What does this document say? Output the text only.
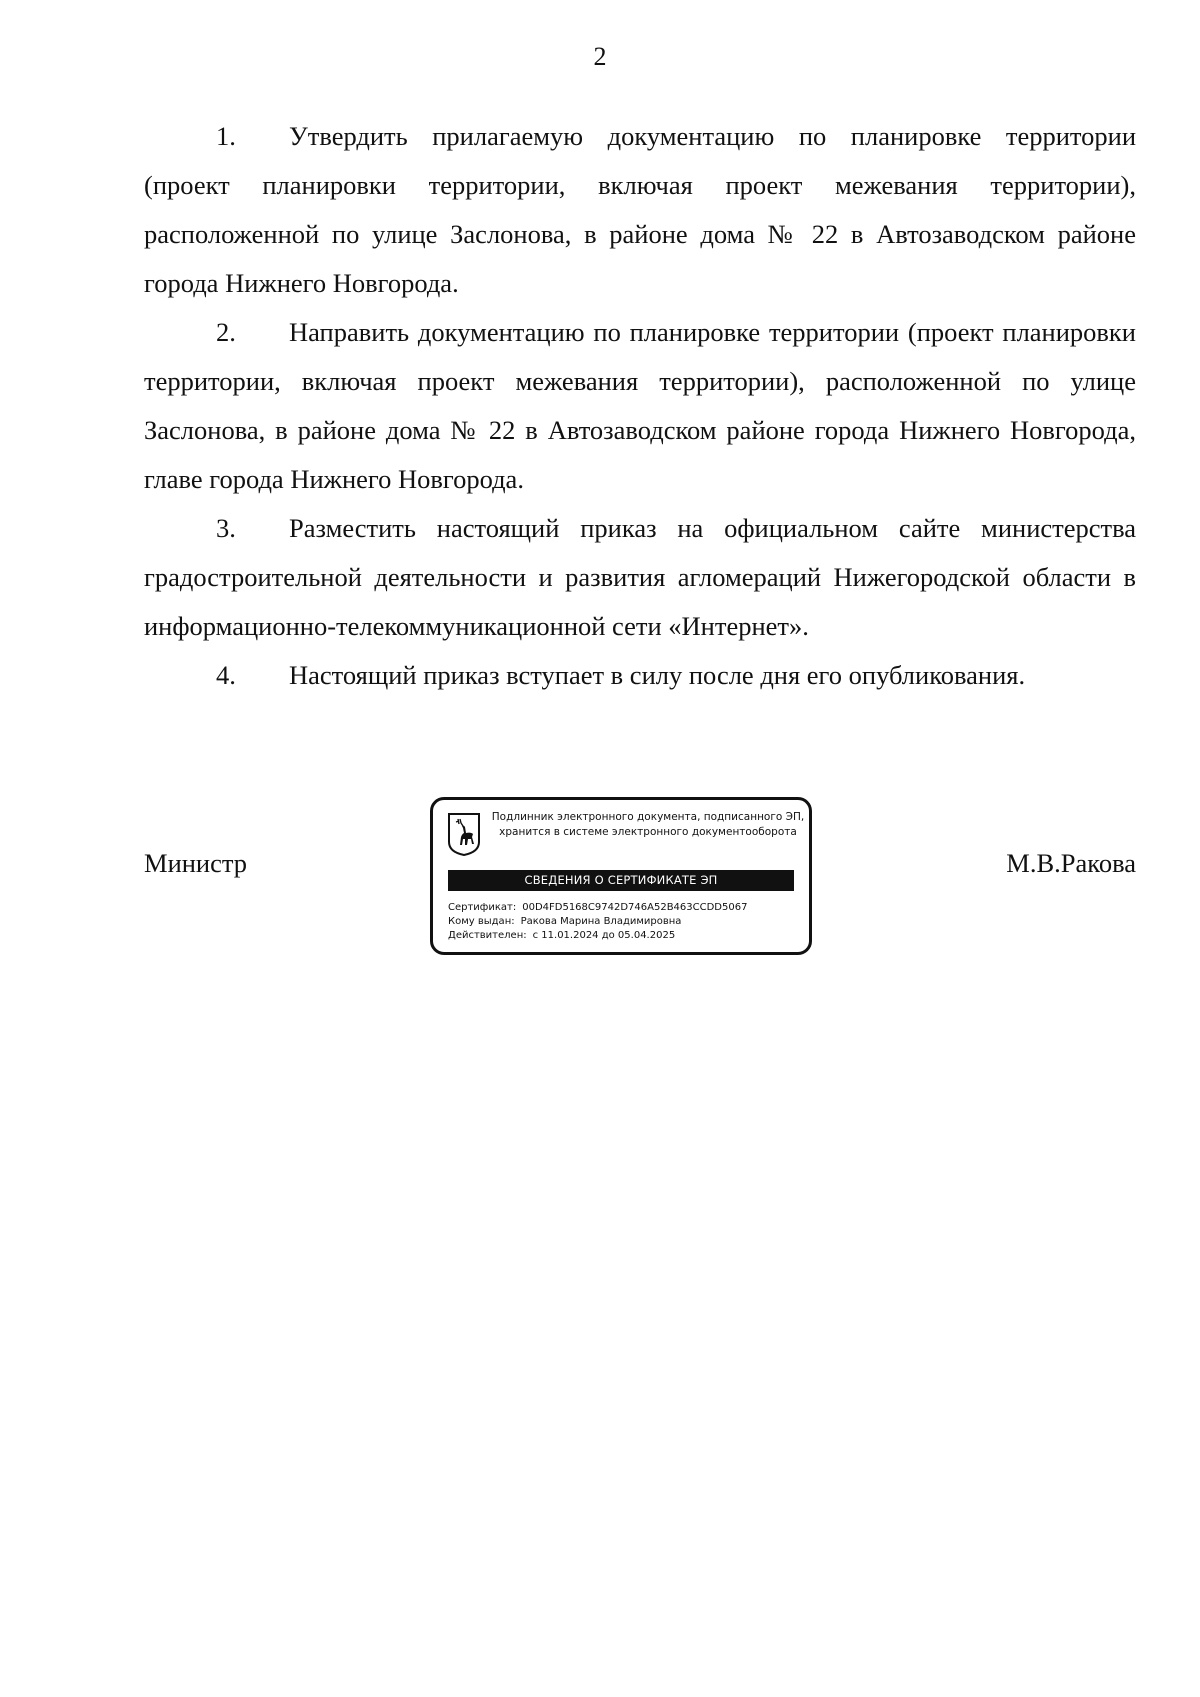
2

1. Утвердить прилагаемую документацию по планировке территории (проект планировки территории, включая проект межевания территории), расположенной по улице Заслонова, в районе дома № 22 в Автозаводском районе города Нижнего Новгорода.

2. Направить документацию по планировке территории (проект планировки территории, включая проект межевания территории), расположенной по улице Заслонова, в районе дома № 22 в Автозаводском районе города Нижнего Новгорода, главе города Нижнего Новгорода.

3. Разместить настоящий приказ на официальном сайте министерства градостроительной деятельности и развития агломераций Нижегородской области в информационно-телекоммуникационной сети «Интернет».

4. Настоящий приказ вступает в силу после дня его опубликования.

Министр	М.В.Ракова
Подлинник электронного документа, подписанного ЭП,
хранится в системе электронного документооборота
СВЕДЕНИЯ О СЕРТИФИКАТЕ ЭП
Сертификат: 00D4FD5168C9742D746A52B463CCDD5067
Кому выдан: Ракова Марина Владимировна
Действителен: с 11.01.2024 до 05.04.2025
